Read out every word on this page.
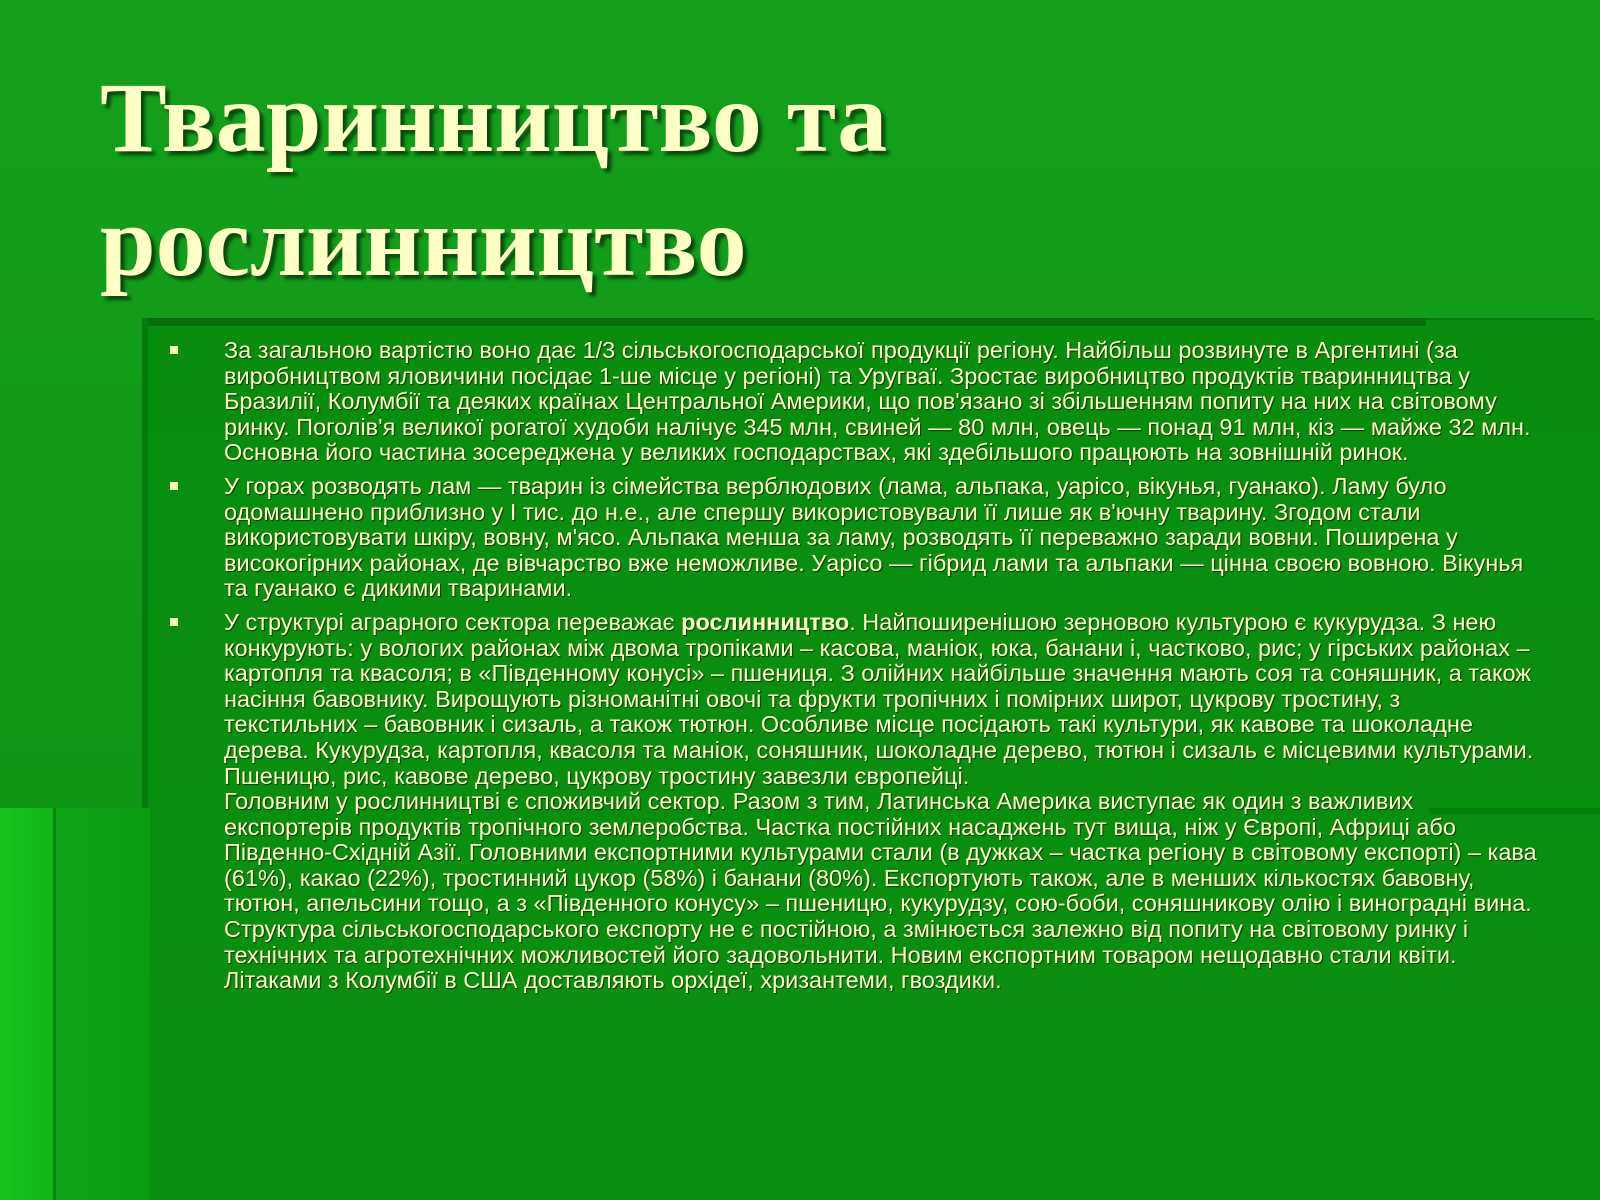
Тваринництво та
рослинництво
За загальною вартістю воно дає 1/3 сільськогосподарської продукції регіону. Найбільш розвинуте в Аргентині (за виробництвом яловичини посідає 1-ше місце у регіоні) та Уругваї. Зростає виробництво продуктів тваринництва у Бразилії, Колумбії та деяких країнах Центральної Америки, що пов'язано зі збільшенням попиту на них на світовому ринку. Поголів'я великої рогатої худоби налічує 345 млн, свиней — 80 млн, овець — понад 91 млн, кіз — майже 32 млн. Основна його частина зосереджена у великих господарствах, які здебільшого працюють на зовнішній ринок.
У горах розводять лам — тварин із сімейства верблюдових (лама, альпака, уаріco, вікунья, гуанако). Ламу було одомашнено приблизно у І тис. до н.е., але спершу використовували її лише як в'ючну тварину. Згодом стали використовувати шкіру, вовну, м'ясо. Альпака менша за ламу, розводять її переважно заради вовни. Поширена у високогірних районах, де вівчарство вже неможливе. Уаріco — гібрид лами та альпаки — цінна своєю вовною. Вікунья та гуанако є дикими тваринами.
У структурі аграрного сектора переважає рослинництво. Найпоширенішою зерновою культурою є кукурудза. З нею конкурують: у вологих районах між двома тропіками – касова, маніок, юка, банани і, частково, рис; у гірських районах – картопля та квасоля; в «Південному конусі» – пшениця. З олійних найбільше значення мають соя та соняшник, а також насіння бавовнику. Вирощують різноманітні овочі та фрукти тропічних і помірних широт, цукрову тростину, з текстильних – бавовник і сизаль, а також тютюн. Особливе місце посідають такі культури, як кавове та шоколадне дерева. Кукурудза, картопля, квасоля та маніок, соняшник, шоколадне дерево, тютюн і сизаль є місцевими культурами. Пшеницю, рис, кавове дерево, цукрову тростину завезли європейці.
Головним у рослинництві є споживчий сектор. Разом з тим, Латинська Америка виступає як один з важливих експортерів продуктів тропічного землеробства. Частка постійних насаджень тут вища, ніж у Європі, Африці або Південно-Східній Азії. Головними експортними культурами стали (в дужках – частка регіону в світовому експорті) – кава (61%), какао (22%), тростинний цукор (58%) і банани (80%). Експортують також, але в менших кількостях бавовну, тютюн, апельсини тощо, а з «Південного конусу» – пшеницю, кукурудзу, сою-боби, соняшникову олію і виноградні вина. Структура сільськогосподарського експорту не є постійною, а змінюється залежно від попиту на світовому ринку і технічних та агротехнічних можливостей його задовольнити. Новим експортним товаром нещодавно стали квіти. Літаками з Колумбії в США доставляють орхідеї, хризантеми, гвоздики.
